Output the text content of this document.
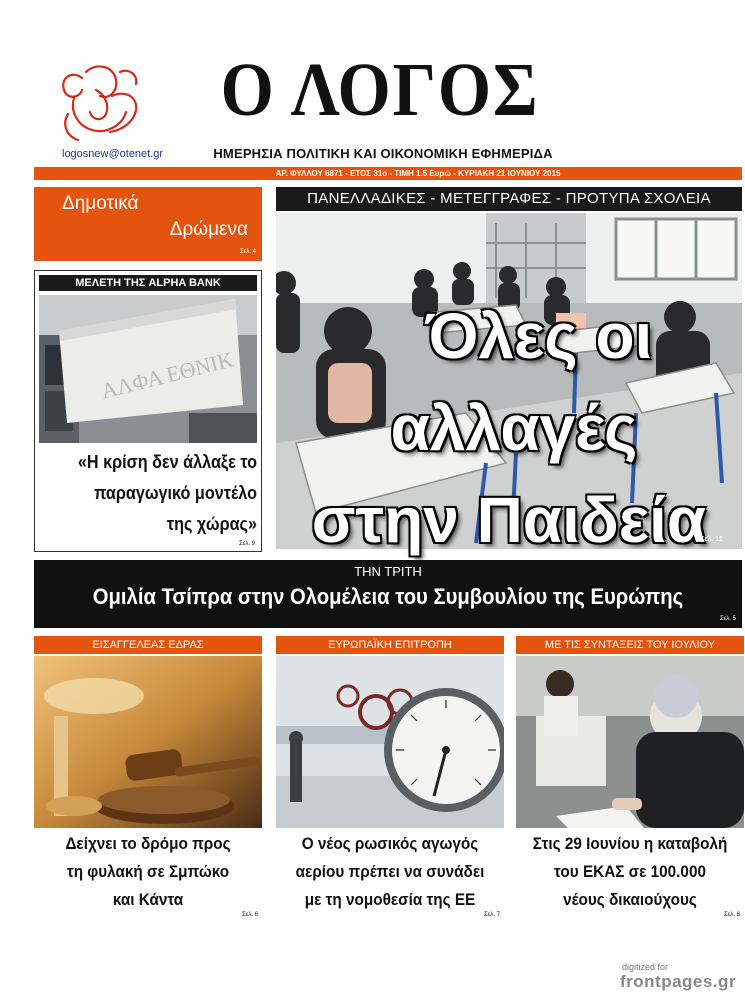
logosnew@otenet.gr
Ο ΛΟΓΟΣ
ΗΜΕΡΗΣΙΑ ΠΟΛΙΤΙΚΗ ΚΑΙ ΟΙΚΟΝΟΜΙΚΗ ΕΦΗΜΕΡΙΔΑ
ΑΡ. ΦΥΛΛΟΥ 6871 - ΕΤΟΣ 31ο - ΤΙΜΗ 1.5 Ευρώ - ΚΥΡΙΑΚΗ 21 ΙΟΥΝΙΟΥ 2015
Δημοτικά
Δρώμενα
Σελ. 4
ΜΕΛΕΤΗ ΤΗΣ ALPHA BANK
ΑΛΦΑ ΕΘΝΙΚ
«Η κρίση δεν άλλαξε το
παραγωγικό μοντέλο
της χώρας»
Σελ. 9
ΠΑΝΕΛΛΑΔΙΚΕΣ - ΜΕΤΕΓΓΡΑΦΕΣ - ΠΡΟΤΥΠΑ ΣΧΟΛΕΙΑ
Όλες οι
αλλαγές
στην Παιδεία
Σελ. 11
ΤΗΝ ΤΡΙΤΗ
Ομιλία Τσίπρα στην Ολομέλεια του Συμβουλίου της Ευρώπης
Σελ. 5
ΕΙΣΑΓΓΕΛΕΑΣ ΕΔΡΑΣ
Δείχνει το δρόμο προς
τη φυλακή σε Σμπώκο
και Κάντα
Σελ. 6
ΕΥΡΩΠΑΪΚΗ ΕΠΙΤΡΟΠΗ
Ο νέος ρωσικός αγωγός
αερίου πρέπει να συνάδει
με τη νομοθεσία της ΕΕ
Σελ. 7
ΜΕ ΤΙΣ ΣΥΝΤΑΞΕΙΣ ΤΟΥ ΙΟΥΛΙΟΥ
Στις 29 Ιουνίου η καταβολή
του ΕΚΑΣ σε 100.000
νέους δικαιούχους
Σελ. 8
digitized for
frontpages.gr
